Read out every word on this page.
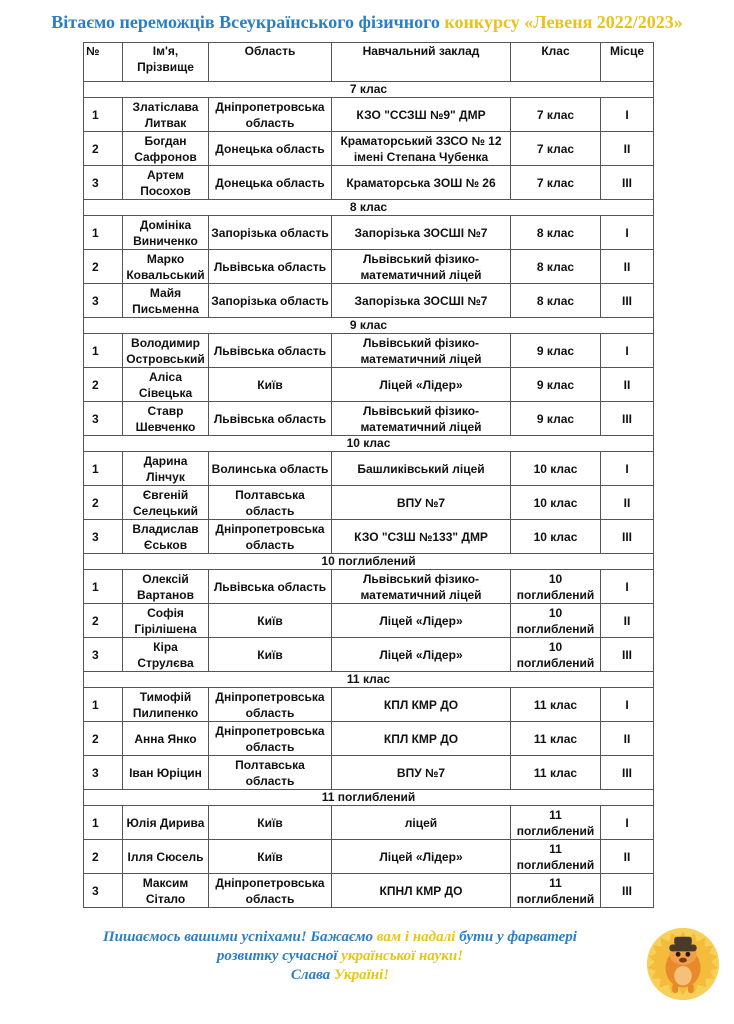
Вітаємо переможців Всеукраїнського фізичного конкурсу «Левеня 2022/2023»
№	Ім'я, Прізвище	Область	Навчальний заклад	Клас	Місце
7 клас					
1	Златіслава Литвак	Дніпропетровська область	КЗО "ССЗШ №9" ДМР	7 клас	I
2	Богдан Сафронов	Донецька область	Краматорський ЗЗСО № 12 імені Степана Чубенка	7 клас	II
3	Артем Посохов	Донецька область	Краматорська ЗОШ № 26	7 клас	III
8 клас					
1	Домініка Виниченко	Запорізька область	Запорізька ЗОСШІ №7	8 клас	I
2	Марко Ковальський	Львівська область	Львівський фізико-математичний ліцей	8 клас	II
3	Майя Письменна	Запорізька область	Запорізька ЗОСШІ №7	8 клас	III
9 клас					
1	Володимир Островський	Львівська область	Львівський фізико-математичний ліцей	9 клас	I
2	Аліса Сівецька	Київ	Ліцей «Лідер»	9 клас	II
3	Ставр Шевченко	Львівська область	Львівський фізико-математичний ліцей	9 клас	III
10 клас					
1	Дарина Лінчук	Волинська область	Башликівський ліцей	10 клас	I
2	Євгеній Селецький	Полтавська область	ВПУ №7	10 клас	II
3	Владислав Єськов	Дніпропетровська область	КЗО "СЗШ №133" ДМР	10 клас	III
10 поглиблений					
1	Олексій Вартанов	Львівська область	Львівський фізико-математичний ліцей	10 поглиблений	I
2	Софія Гірілішена	Київ	Ліцей «Лідер»	10 поглиблений	II
3	Кіра Струлєва	Київ	Ліцей «Лідер»	10 поглиблений	III
11 клас					
1	Тимофій Пилипенко	Дніпропетровська область	КПЛ КМР ДО	11 клас	I
2	Анна Янко	Дніпропетровська область	КПЛ КМР ДО	11 клас	II
3	Іван Юріцин	Полтавська область	ВПУ №7	11 клас	III
11 поглиблений					
1	Юлія Дирива	Київ	ліцей	11 поглиблений	I
2	Ілля Сюсель	Київ	Ліцей «Лідер»	11 поглиблений	II
3	Максим Сітало	Дніпропетровська область	КПНЛ КМР ДО	11 поглиблений	III
Пишаємось вашими успіхами! Бажаємо вам і надалі бути у фарватері
розвитку сучасної української науки!
Слава Україні!
